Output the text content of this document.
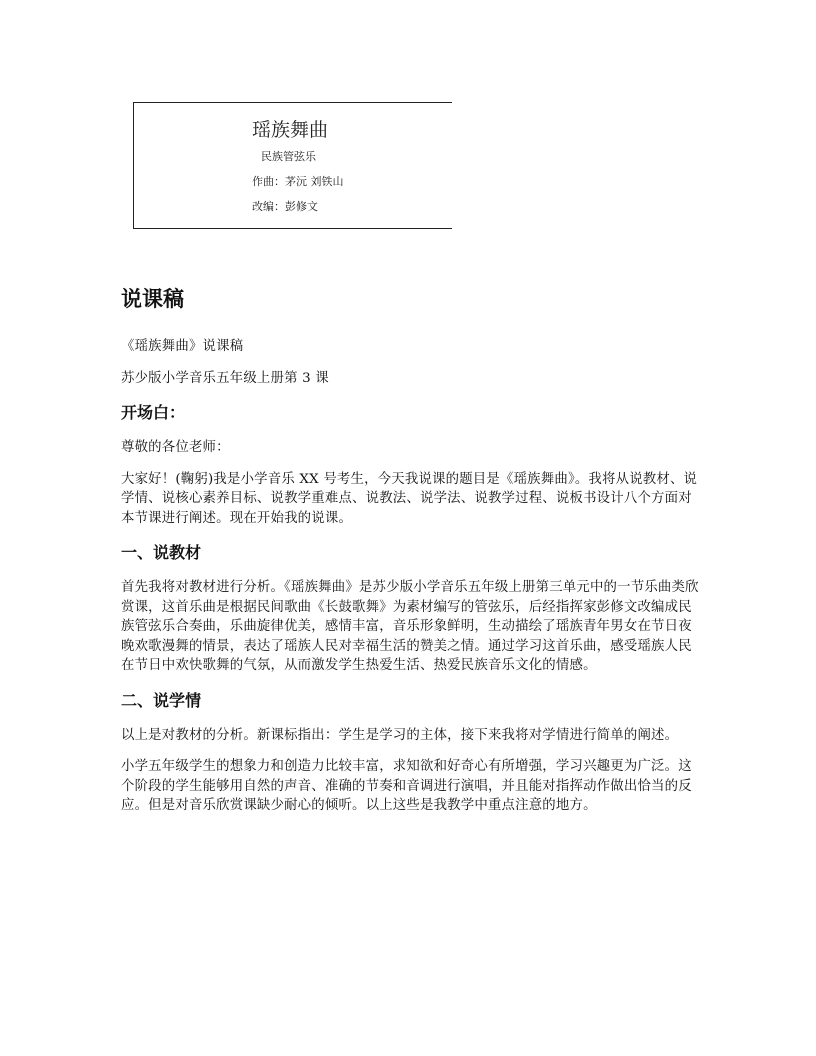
瑶族舞曲
民族管弦乐
作曲：茅沅 刘铁山
改编：彭修文
说课稿

《瑶族舞曲》说课稿

苏少版小学音乐五年级上册第 3 课

开场白：

尊敬的各位老师：

大家好！(鞠躬)我是小学音乐 XX 号考生，今天我说课的题目是《瑶族舞曲》。我将从说教材、说学情、说核心素养目标、说教学重难点、说教法、说学法、说教学过程、说板书设计八个方面对本节课进行阐述。现在开始我的说课。

一、说教材

首先我将对教材进行分析。《瑶族舞曲》是苏少版小学音乐五年级上册第三单元中的一节乐曲类欣赏课，这首乐曲是根据民间歌曲《长鼓歌舞》为素材编写的管弦乐，后经指挥家彭修文改编成民族管弦乐合奏曲，乐曲旋律优美，感情丰富，音乐形象鲜明，生动描绘了瑶族青年男女在节日夜晚欢歌漫舞的情景，表达了瑶族人民对幸福生活的赞美之情。通过学习这首乐曲，感受瑶族人民在节日中欢快歌舞的气氛，从而激发学生热爱生活、热爱民族音乐文化的情感。

二、说学情

以上是对教材的分析。新课标指出：学生是学习的主体，接下来我将对学情进行简单的阐述。

小学五年级学生的想象力和创造力比较丰富，求知欲和好奇心有所增强，学习兴趣更为广泛。这个阶段的学生能够用自然的声音、准确的节奏和音调进行演唱，并且能对指挥动作做出恰当的反应。但是对音乐欣赏课缺少耐心的倾听。以上这些是我教学中重点注意的地方。
